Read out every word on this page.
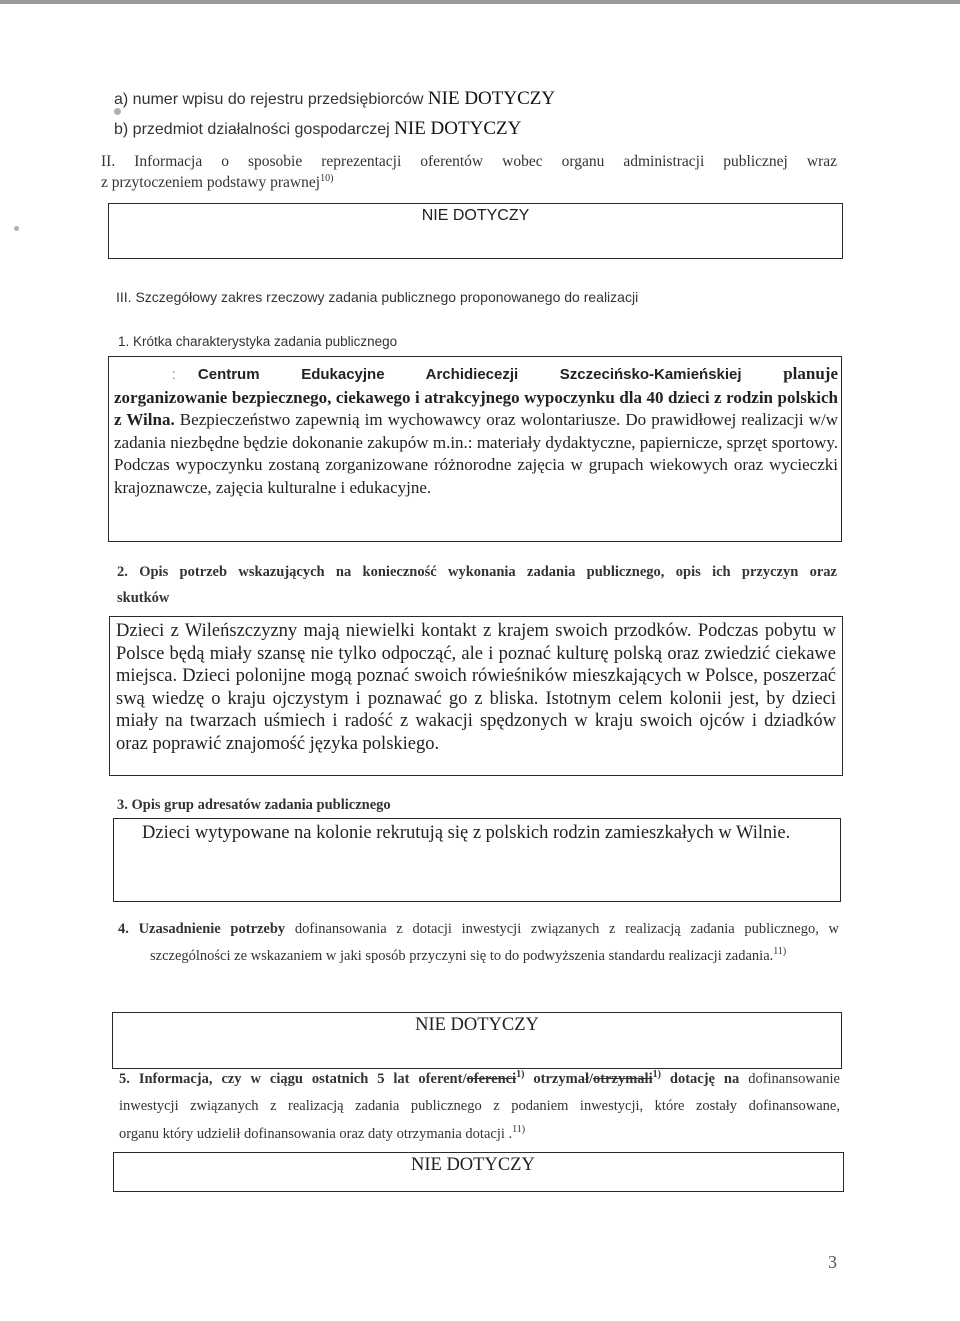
a) numer wpisu do rejestru przedsiębiorców NIE DOTYCZY
b) przedmiot działalności gospodarczej NIE DOTYCZY
II. Informacja o sposobie reprezentacji oferentów wobec organu administracji publicznej wraz
z przytoczeniem podstawy prawnej$^{10)}$
NIE DOTYCZY
III. Szczegółowy zakres rzeczowy zadania publicznego proponowanego do realizacji
1. Krótka charakterystyka zadania publicznego
: Centrum Edukacyjne Archidiecezji Szczecińsko-Kamieńskiej planuje zorganizowanie bezpiecznego, ciekawego i atrakcyjnego wypoczynku dla 40 dzieci z rodzin polskich z Wilna. Bezpieczeństwo zapewnią im wychowawcy oraz wolontariusze. Do prawidłowej realizacji w/w zadania niezbędne będzie dokonanie zakupów m.in.: materiały dydaktyczne, papiernicze, sprzęt sportowy. Podczas wypoczynku zostaną zorganizowane różnorodne zajęcia w grupach wiekowych oraz wycieczki krajoznawcze, zajęcia kulturalne i edukacyjne.
2. Opis potrzeb wskazujących na konieczność wykonania zadania publicznego, opis ich przyczyn oraz
skutków
Dzieci z Wileńszczyzny mają niewielki kontakt z krajem swoich przodków. Podczas pobytu w Polsce będą miały szansę nie tylko odpocząć, ale i poznać kulturę polską oraz zwiedzić ciekawe miejsca. Dzieci polonijne mogą poznać swoich rówieśników mieszkających w Polsce, poszerzać swą wiedzę o kraju ojczystym i poznawać go z bliska. Istotnym celem kolonii jest, by dzieci miały na twarzach uśmiech i radość z wakacji spędzonych w kraju swoich ojców i dziadków oraz poprawić znajomość języka polskiego.
3. Opis grup adresatów zadania publicznego
Dzieci wytypowane na kolonie rekrutują się z polskich rodzin zamieszkałych w Wilnie.
4. Uzasadnienie potrzeby dofinansowania z dotacji inwestycji związanych z realizacją zadania publicznego, w
szczególności ze wskazaniem w jaki sposób przyczyni się to do podwyższenia standardu realizacji zadania.$^{11)}$
NIE DOTYCZY
5. Informacja, czy w ciągu ostatnich 5 lat oferent/oferenci$^{1)}$ otrzymał/otrzymali$^{1)}$ dotację na dofinansowanie
inwestycji związanych z realizacją zadania publicznego z podaniem inwestycji, które zostały dofinansowane,
organu który udzielił dofinansowania oraz daty otrzymania dotacji .$^{11)}$
NIE DOTYCZY
3
